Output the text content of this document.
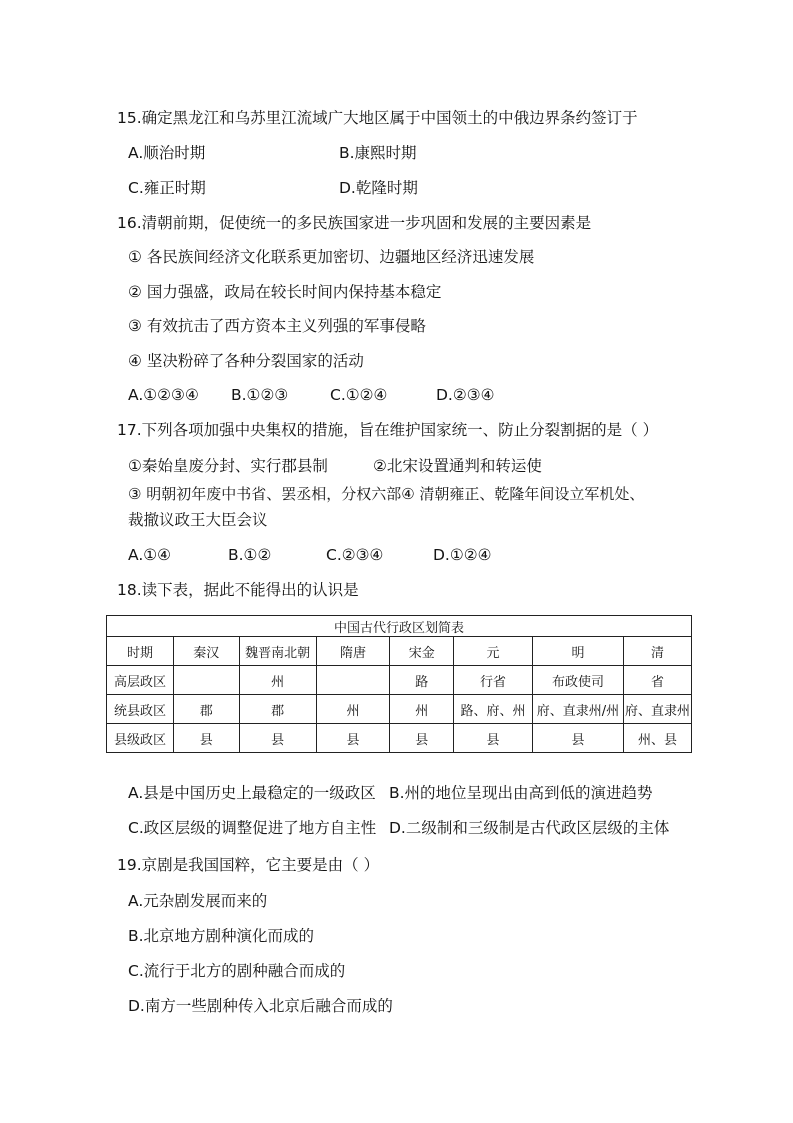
15.确定黑龙江和乌苏里江流域广大地区属于中国领土的中俄边界条约签订于
A.顺治时期	B.康熙时期
C.雍正时期	D.乾隆时期
16.清朝前期，促使统一的多民族国家进一步巩固和发展的主要因素是
① 各民族间经济文化联系更加密切、边疆地区经济迅速发展
② 国力强盛，政局在较长时间内保持基本稳定
③ 有效抗击了西方资本主义列强的军事侵略
④ 坚决粉碎了各种分裂国家的活动
A.①②③④ B.①②③	C.①②④	D.②③④
17.下列各项加强中央集权的措施，旨在维护国家统一、防止分裂割据的是（ ）
①秦始皇废分封、实行郡县制	②北宋设置通判和转运使
③ 明朝初年废中书省、罢丞相，分权六部④ 清朝雍正、乾隆年间设立军机处、
裁撤议政王大臣会议
A.①④	B.①②	C.②③④	D.①②④
18.读下表，据此不能得出的认识是
中国古代行政区划简表							
时期	秦汉	魏晋南北朝	隋唐	宋金	元	明	清
高层政区		州		路	行省	布政使司	省
统县政区	郡	郡	州	州	路、府、州	府、直隶州/州	府、直隶州
县级政区	县	县	县	县	县	县	州、县
A.县是中国历史上最稳定的一级政区 B.州的地位呈现出由高到低的演进趋势
C.政区层级的调整促进了地方自主性 D.二级制和三级制是古代政区层级的主体
19.京剧是我国国粹，它主要是由（ ）
A.元杂剧发展而来的
B.北京地方剧种演化而成的
C.流行于北方的剧种融合而成的
D.南方一些剧种传入北京后融合而成的
